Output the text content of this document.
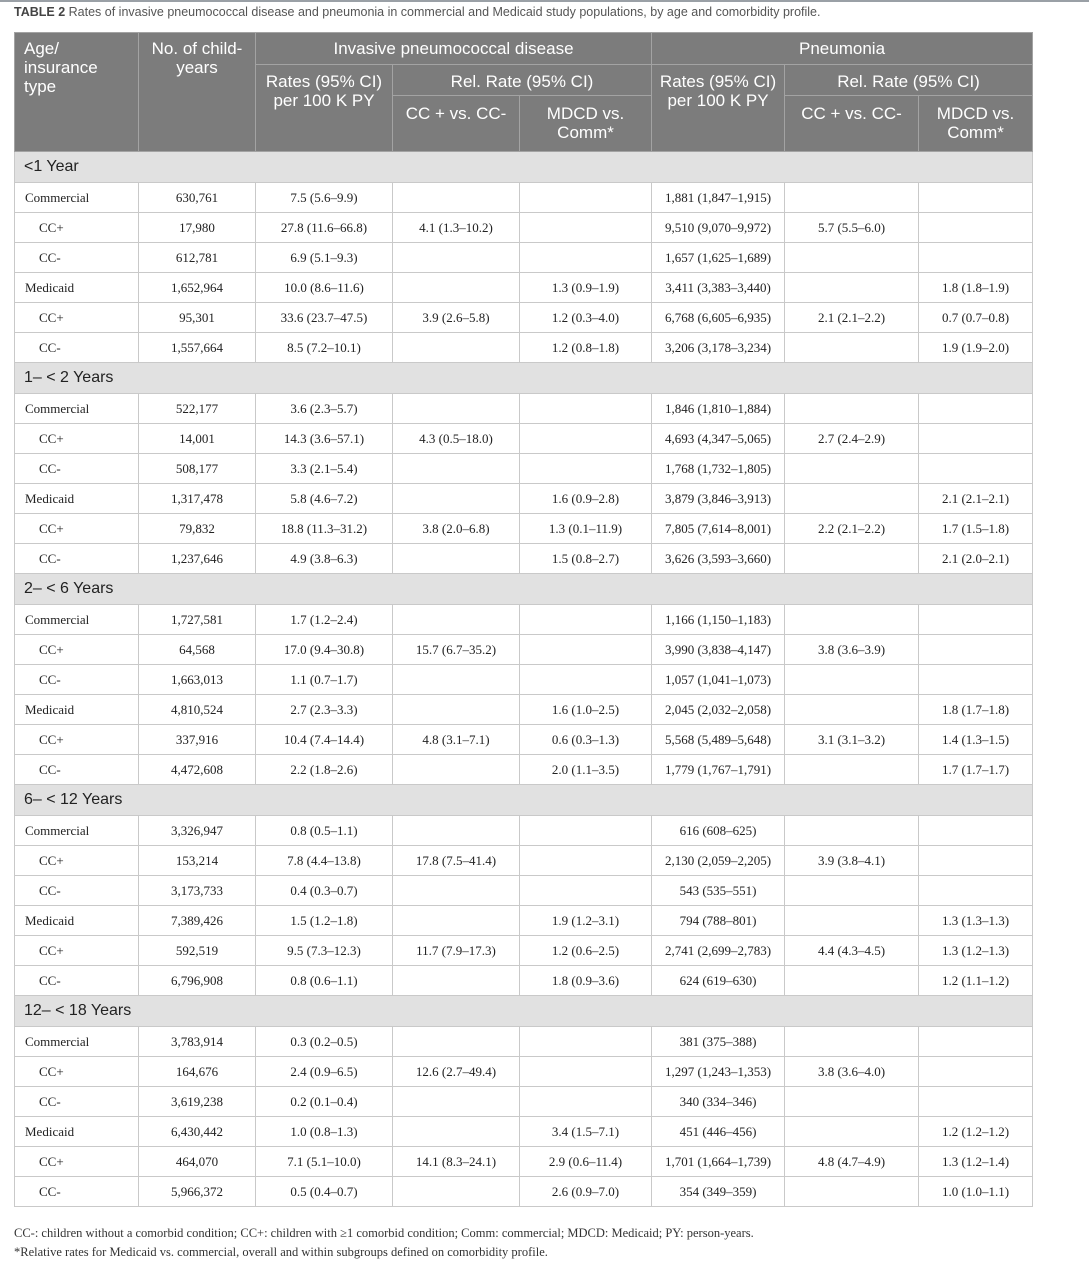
TABLE 2 Rates of invasive pneumococcal disease and pneumonia in commercial and Medicaid study populations, by age and comorbidity profile.
Age/ insurance type	No. of child-years	Invasive pneumococcal disease			Pneumonia		
		Rates (95% CI) per 100 K PY	Rel. Rate (95% CI)		Rates (95% CI) per 100 K PY	Rel. Rate (95% CI)	
			CC + vs. CC-	MDCD vs. Comm*		CC + vs. CC-	MDCD vs. Comm*
<1 Year							
Commercial	630,761	7.5 (5.6–9.9)			1,881 (1,847–1,915)		
CC+	17,980	27.8 (11.6–66.8)	4.1 (1.3–10.2)		9,510 (9,070–9,972)	5.7 (5.5–6.0)	
CC-	612,781	6.9 (5.1–9.3)			1,657 (1,625–1,689)		
Medicaid	1,652,964	10.0 (8.6–11.6)		1.3 (0.9–1.9)	3,411 (3,383–3,440)		1.8 (1.8–1.9)
CC+	95,301	33.6 (23.7–47.5)	3.9 (2.6–5.8)	1.2 (0.3–4.0)	6,768 (6,605–6,935)	2.1 (2.1–2.2)	0.7 (0.7–0.8)
CC-	1,557,664	8.5 (7.2–10.1)		1.2 (0.8–1.8)	3,206 (3,178–3,234)		1.9 (1.9–2.0)
1– < 2 Years							
Commercial	522,177	3.6 (2.3–5.7)			1,846 (1,810–1,884)		
CC+	14,001	14.3 (3.6–57.1)	4.3 (0.5–18.0)		4,693 (4,347–5,065)	2.7 (2.4–2.9)	
CC-	508,177	3.3 (2.1–5.4)			1,768 (1,732–1,805)		
Medicaid	1,317,478	5.8 (4.6–7.2)		1.6 (0.9–2.8)	3,879 (3,846–3,913)		2.1 (2.1–2.1)
CC+	79,832	18.8 (11.3–31.2)	3.8 (2.0–6.8)	1.3 (0.1–11.9)	7,805 (7,614–8,001)	2.2 (2.1–2.2)	1.7 (1.5–1.8)
CC-	1,237,646	4.9 (3.8–6.3)		1.5 (0.8–2.7)	3,626 (3,593–3,660)		2.1 (2.0–2.1)
2– < 6 Years							
Commercial	1,727,581	1.7 (1.2–2.4)			1,166 (1,150–1,183)		
CC+	64,568	17.0 (9.4–30.8)	15.7 (6.7–35.2)		3,990 (3,838–4,147)	3.8 (3.6–3.9)	
CC-	1,663,013	1.1 (0.7–1.7)			1,057 (1,041–1,073)		
Medicaid	4,810,524	2.7 (2.3–3.3)		1.6 (1.0–2.5)	2,045 (2,032–2,058)		1.8 (1.7–1.8)
CC+	337,916	10.4 (7.4–14.4)	4.8 (3.1–7.1)	0.6 (0.3–1.3)	5,568 (5,489–5,648)	3.1 (3.1–3.2)	1.4 (1.3–1.5)
CC-	4,472,608	2.2 (1.8–2.6)		2.0 (1.1–3.5)	1,779 (1,767–1,791)		1.7 (1.7–1.7)
6– < 12 Years							
Commercial	3,326,947	0.8 (0.5–1.1)			616 (608–625)		
CC+	153,214	7.8 (4.4–13.8)	17.8 (7.5–41.4)		2,130 (2,059–2,205)	3.9 (3.8–4.1)	
CC-	3,173,733	0.4 (0.3–0.7)			543 (535–551)		
Medicaid	7,389,426	1.5 (1.2–1.8)		1.9 (1.2–3.1)	794 (788–801)		1.3 (1.3–1.3)
CC+	592,519	9.5 (7.3–12.3)	11.7 (7.9–17.3)	1.2 (0.6–2.5)	2,741 (2,699–2,783)	4.4 (4.3–4.5)	1.3 (1.2–1.3)
CC-	6,796,908	0.8 (0.6–1.1)		1.8 (0.9–3.6)	624 (619–630)		1.2 (1.1–1.2)
12– < 18 Years							
Commercial	3,783,914	0.3 (0.2–0.5)			381 (375–388)		
CC+	164,676	2.4 (0.9–6.5)	12.6 (2.7–49.4)		1,297 (1,243–1,353)	3.8 (3.6–4.0)	
CC-	3,619,238	0.2 (0.1–0.4)			340 (334–346)		
Medicaid	6,430,442	1.0 (0.8–1.3)		3.4 (1.5–7.1)	451 (446–456)		1.2 (1.2–1.2)
CC+	464,070	7.1 (5.1–10.0)	14.1 (8.3–24.1)	2.9 (0.6–11.4)	1,701 (1,664–1,739)	4.8 (4.7–4.9)	1.3 (1.2–1.4)
CC-	5,966,372	0.5 (0.4–0.7)		2.6 (0.9–7.0)	354 (349–359)		1.0 (1.0–1.1)
CC-: children without a comorbid condition; CC+: children with ≥1 comorbid condition; Comm: commercial; MDCD: Medicaid; PY: person-years.
*Relative rates for Medicaid vs. commercial, overall and within subgroups defined on comorbidity profile.
